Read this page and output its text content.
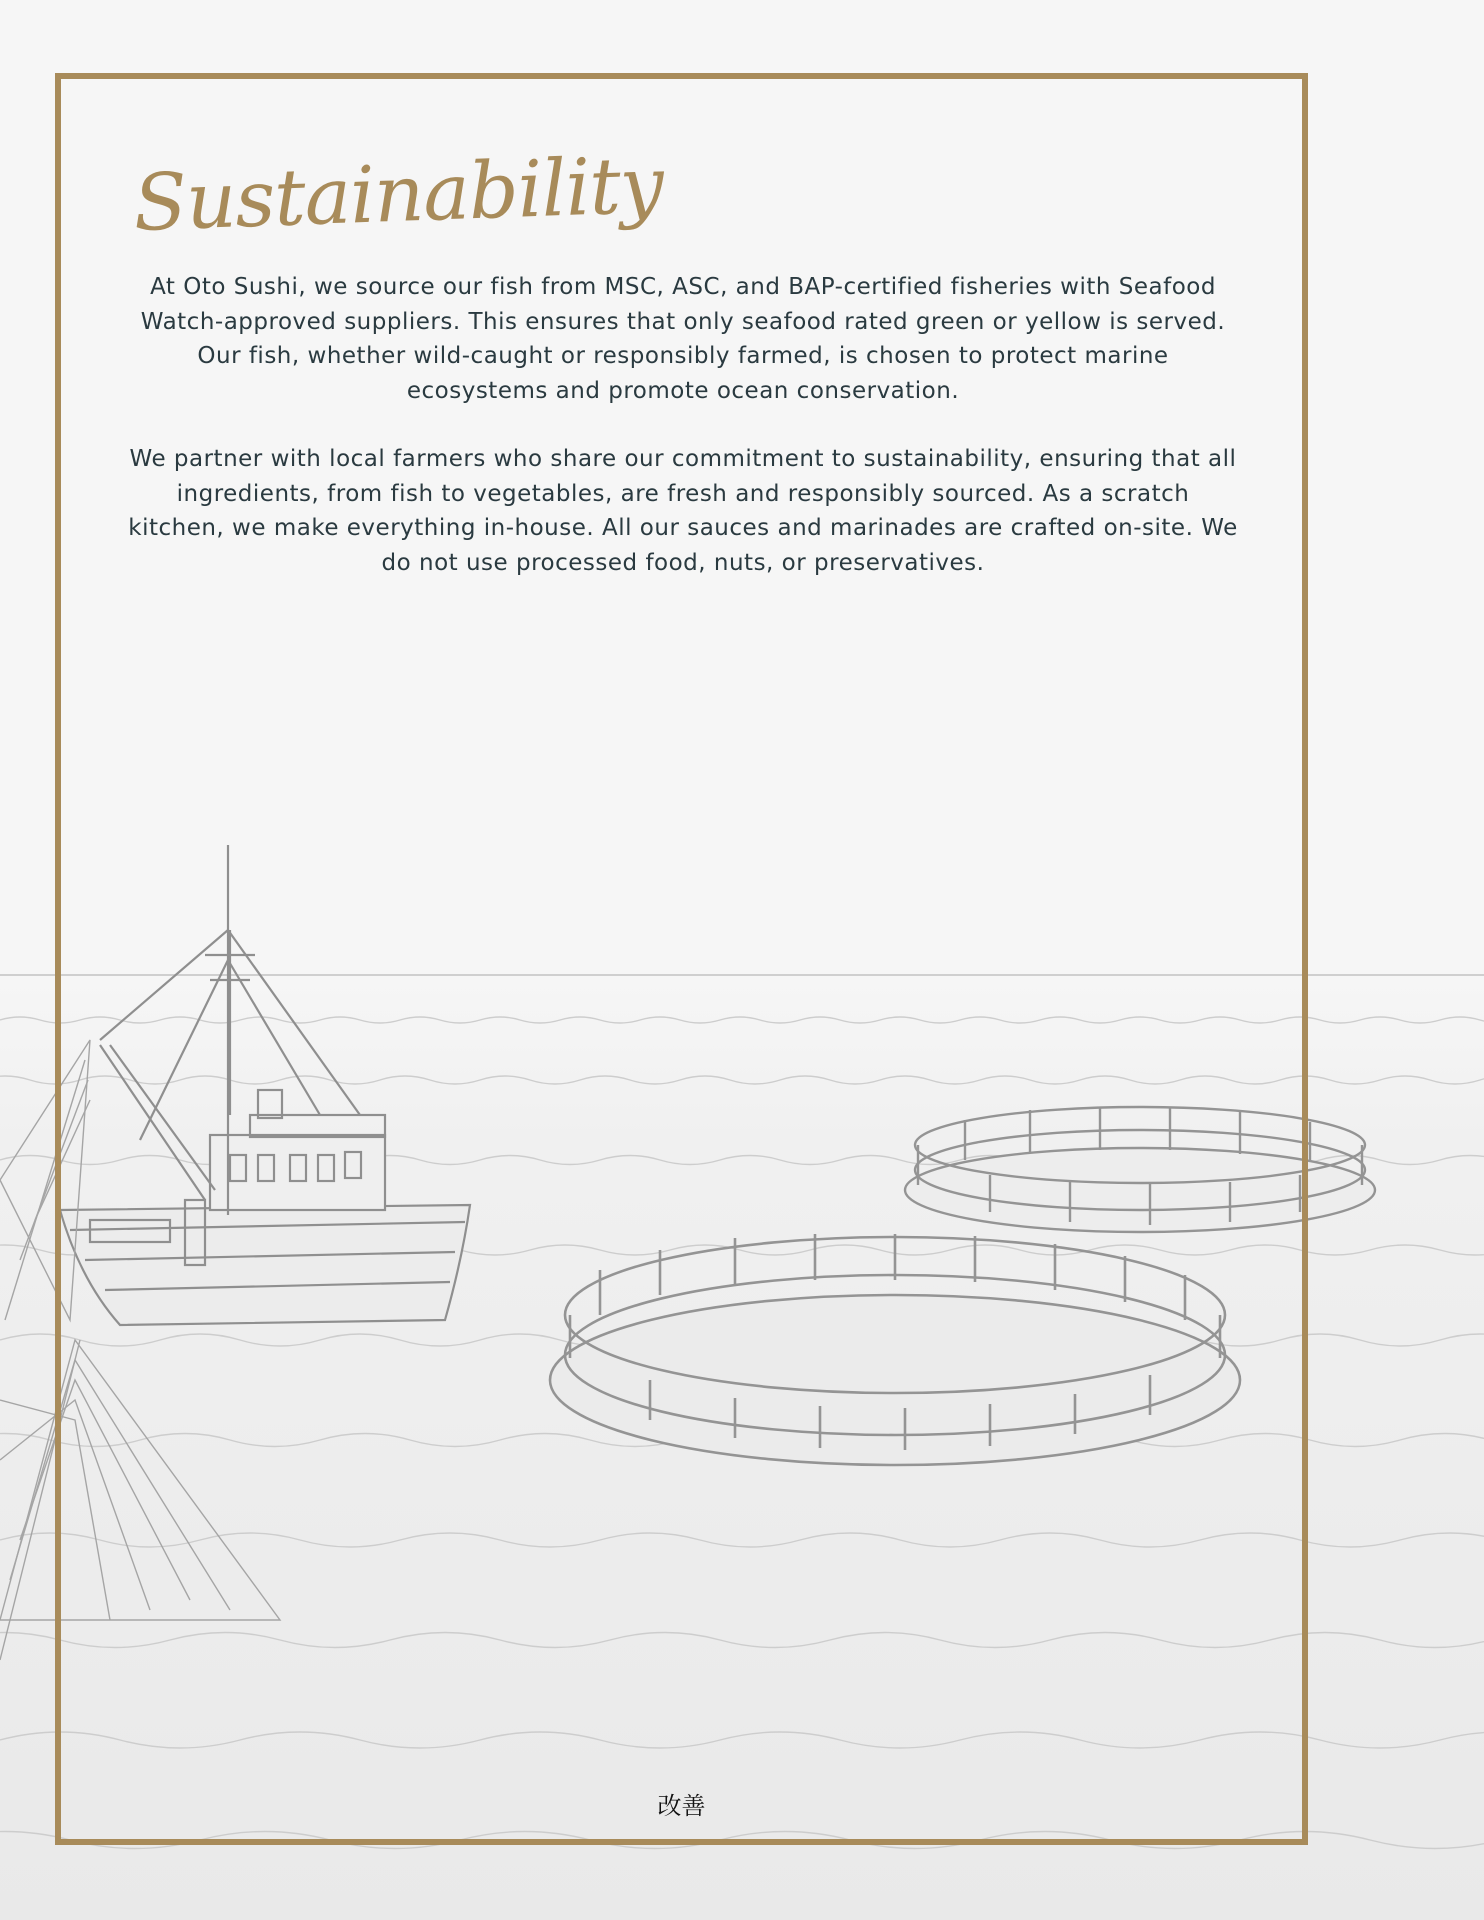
Sustainability

At Oto Sushi, we source our fish from MSC, ASC, and BAP-certified fisheries with Seafood Watch-approved suppliers. This ensures that only seafood rated green or yellow is served. Our fish, whether wild-caught or responsibly farmed, is chosen to protect marine ecosystems and promote ocean conservation.

We partner with local farmers who share our commitment to sustainability, ensuring that all ingredients, from fish to vegetables, are fresh and responsibly sourced. As a scratch kitchen, we make everything in-house. All our sauces and marinades are crafted on-site. We do not use processed food, nuts, or preservatives.

改善
